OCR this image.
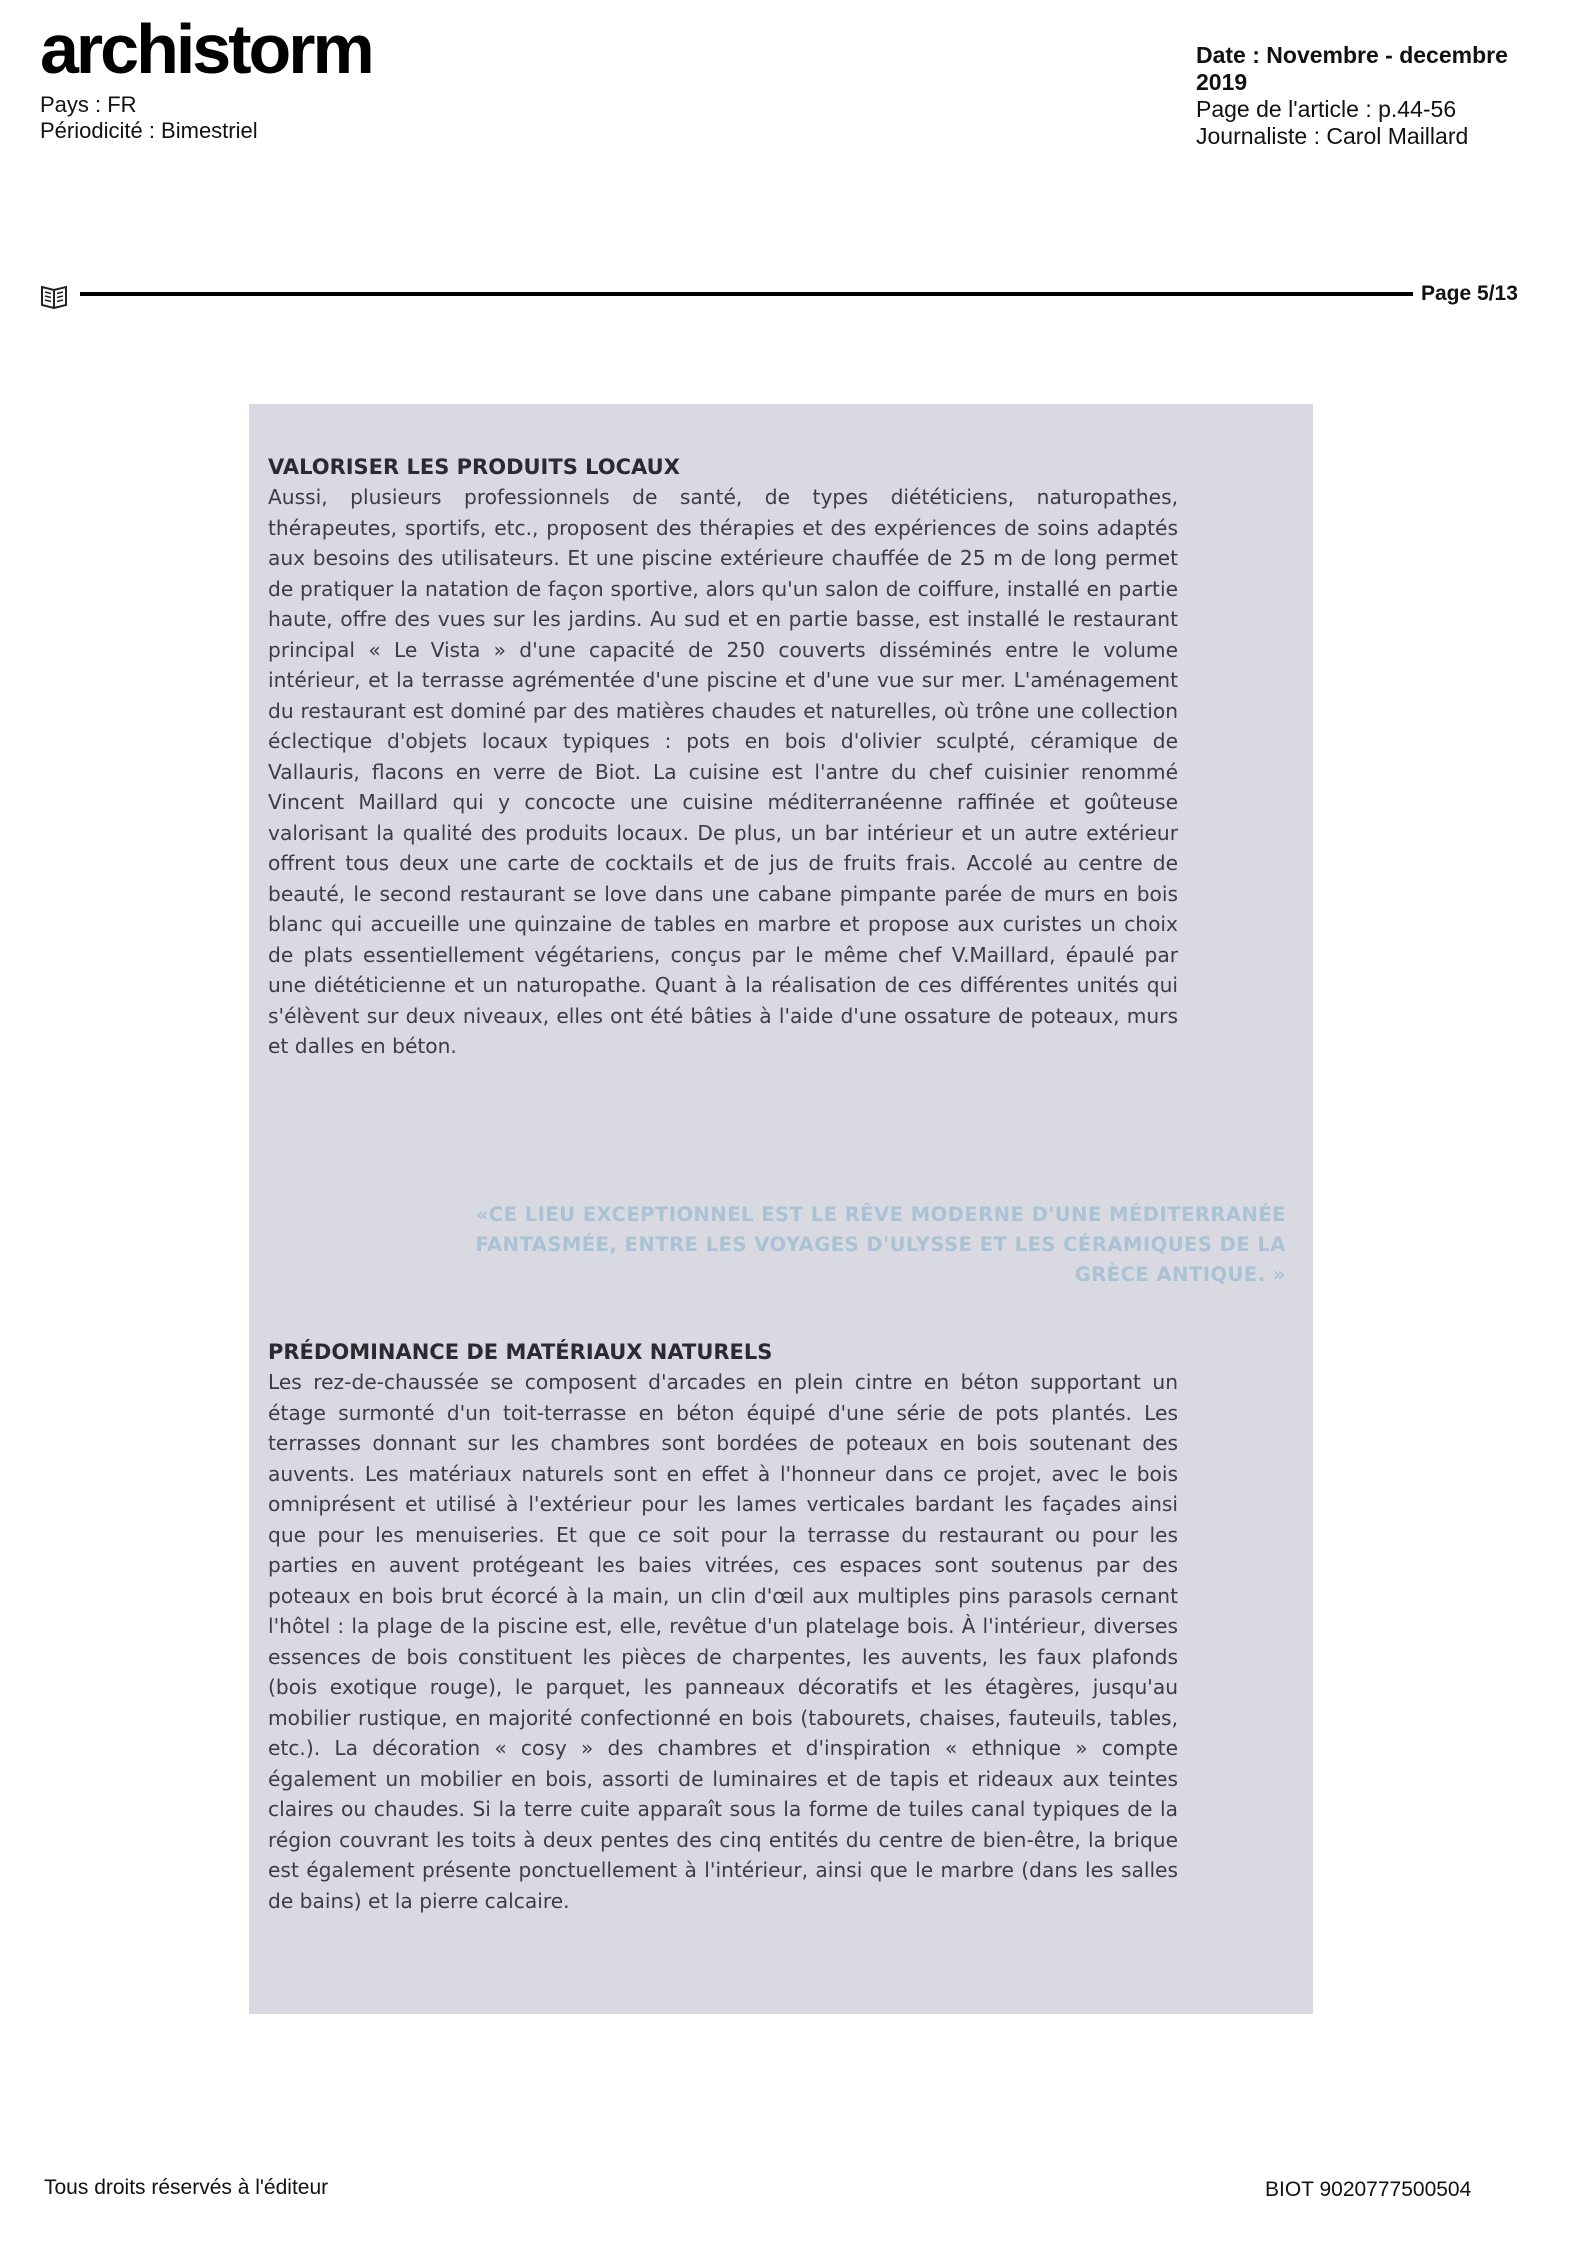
archistorm
Pays : FR
Périodicité : Bimestriel
Date : Novembre - decembre 2019
Page de l'article : p.44-56
Journaliste : Carol Maillard
Page 5/13

VALORISER LES PRODUITS LOCAUX

Aussi, plusieurs professionnels de santé, de types diététiciens, naturopathes, thérapeutes, sportifs, etc., proposent des thérapies et des expériences de soins adaptés aux besoins des utilisateurs. Et une piscine extérieure chauffée de 25 m de long permet de pratiquer la natation de façon sportive, alors qu'un salon de coiffure, installé en partie haute, offre des vues sur les jardins. Au sud et en partie basse, est installé le restaurant principal « Le Vista » d'une capacité de 250 couverts disséminés entre le volume intérieur, et la terrasse agrémentée d'une piscine et d'une vue sur mer. L'aménagement du restaurant est dominé par des matières chaudes et naturelles, où trône une collection éclectique d'objets locaux typiques : pots en bois d'olivier sculpté, céramique de Vallauris, flacons en verre de Biot. La cuisine est l'antre du chef cuisinier renommé Vincent Maillard qui y concocte une cuisine méditerranéenne raffinée et goûteuse valorisant la qualité des produits locaux. De plus, un bar intérieur et un autre extérieur offrent tous deux une carte de cocktails et de jus de fruits frais. Accolé au centre de beauté, le second restaurant se love dans une cabane pimpante parée de murs en bois blanc qui accueille une quinzaine de tables en marbre et propose aux curistes un choix de plats essentiellement végétariens, conçus par le même chef V.Maillard, épaulé par une diététicienne et un naturopathe. Quant à la réalisation de ces différentes unités qui s'élèvent sur deux niveaux, elles ont été bâties à l'aide d'une ossature de poteaux, murs et dalles en béton.

«CE LIEU EXCEPTIONNEL EST LE RÊVE MODERNE D'UNE MÉDITERRANÉE FANTASMÉE, ENTRE LES VOYAGES D'ULYSSE ET LES CÉRAMIQUES DE LA GRÈCE ANTIQUE. »

PRÉDOMINANCE DE MATÉRIAUX NATURELS

Les rez-de-chaussée se composent d'arcades en plein cintre en béton supportant un étage surmonté d'un toit-terrasse en béton équipé d'une série de pots plantés. Les terrasses donnant sur les chambres sont bordées de poteaux en bois soutenant des auvents. Les matériaux naturels sont en effet à l'honneur dans ce projet, avec le bois omniprésent et utilisé à l'extérieur pour les lames verticales bardant les façades ainsi que pour les menuiseries. Et que ce soit pour la terrasse du restaurant ou pour les parties en auvent protégeant les baies vitrées, ces espaces sont soutenus par des poteaux en bois brut écorcé à la main, un clin d'œil aux multiples pins parasols cernant l'hôtel : la plage de la piscine est, elle, revêtue d'un platelage bois. À l'intérieur, diverses essences de bois constituent les pièces de charpentes, les auvents, les faux plafonds (bois exotique rouge), le parquet, les panneaux décoratifs et les étagères, jusqu'au mobilier rustique, en majorité confectionné en bois (tabourets, chaises, fauteuils, tables, etc.). La décoration « cosy » des chambres et d'inspiration « ethnique » compte également un mobilier en bois, assorti de luminaires et de tapis et rideaux aux teintes claires ou chaudes. Si la terre cuite apparaît sous la forme de tuiles canal typiques de la région couvrant les toits à deux pentes des cinq entités du centre de bien-être, la brique est également présente ponctuellement à l'intérieur, ainsi que le marbre (dans les salles de bains) et la pierre calcaire.

Tous droits réservés à l'éditeur	BIOT 9020777500504
